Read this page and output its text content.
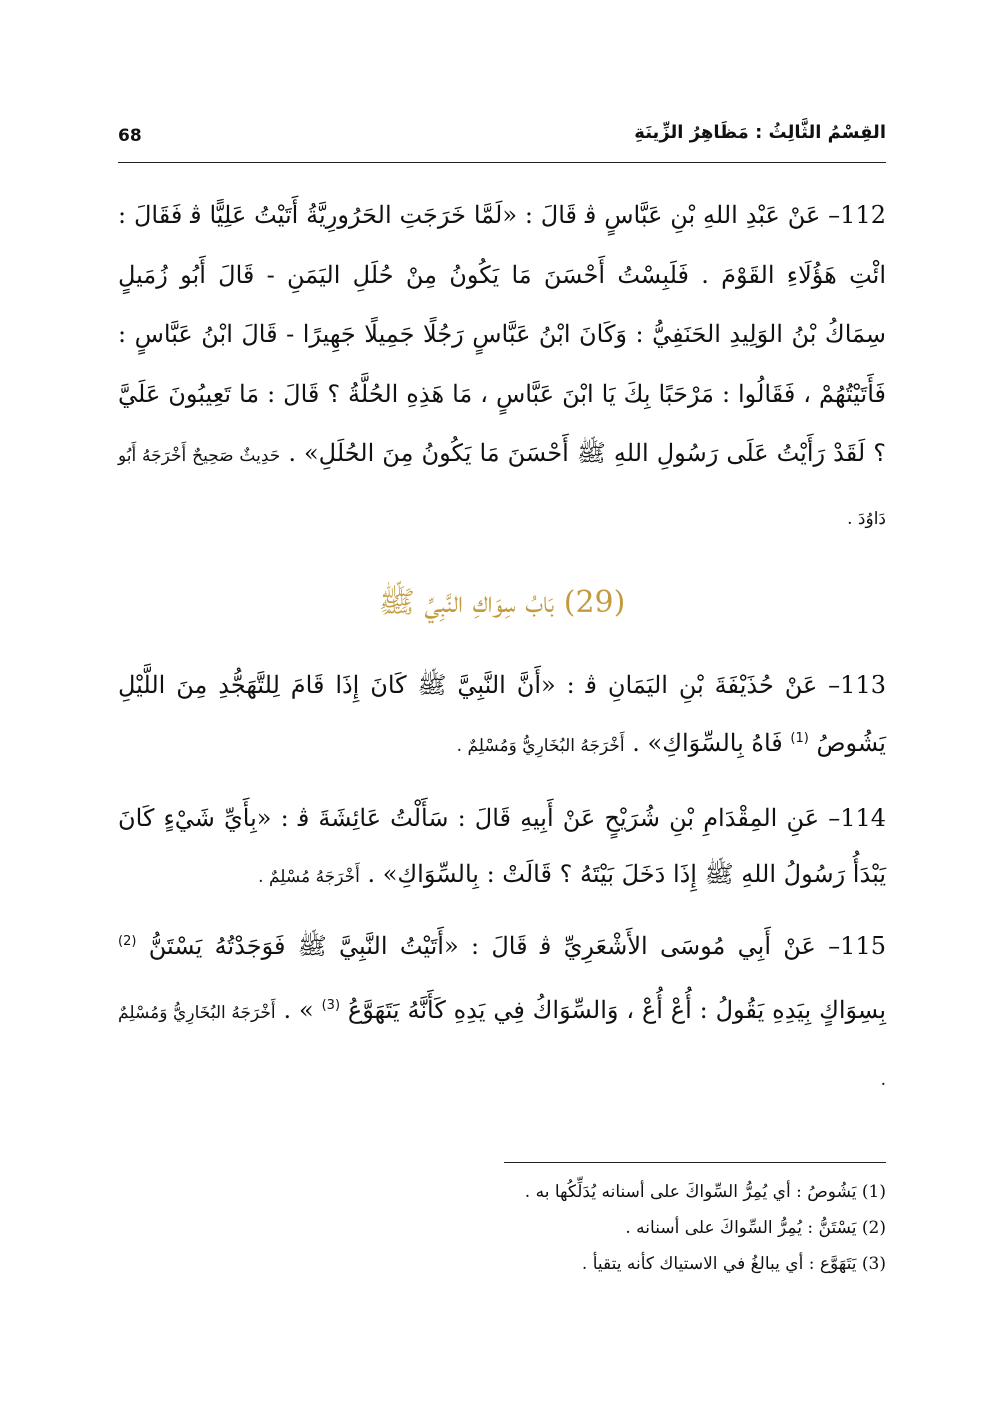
68	القِسْمُ الثَّالِثُ : مَظَاهِرُ الزِّينَةِ
112– عَنْ عَبْدِ اللهِ بْنِ عَبَّاسٍ ﭬ قَالَ : «لَمَّا خَرَجَتِ الحَرُورِيَّةُ أَتَيْتُ عَلِيًّا ﭬ فَقَالَ : ائْتِ هَؤُلَاءِ القَوْمَ . فَلَبِسْتُ أَحْسَنَ مَا يَكُونُ مِنْ حُلَلِ اليَمَنِ - قَالَ أَبُو زُمَيلٍ سِمَاكُ بْنُ الوَلِيدِ الحَنَفِيُّ : وَكَانَ ابْنُ عَبَّاسٍ رَجُلًا جَمِيلًا جَهِيرًا - قَالَ ابْنُ عَبَّاسٍ : فَأَتَيْتُهُمْ ، فَقَالُوا : مَرْحَبًا بِكَ يَا ابْنَ عَبَّاسٍ ، مَا هَذِهِ الحُلَّةُ ؟ قَالَ : مَا تَعِيبُونَ عَلَيَّ ؟ لَقَدْ رَأَيْتُ عَلَى رَسُولِ اللهِ ﷺ أَحْسَنَ مَا يَكُونُ مِنَ الحُلَلِ» . حَدِيثٌ صَحِيحٌ أَخْرَجَهُ أَبُو دَاوُدَ .
(29) بَابُ سِوَاكِ النَّبِيِّ ﷺ
113– عَنْ حُذَيْفَةَ بْنِ اليَمَانِ ﭬ : «أَنَّ النَّبِيَّ ﷺ كَانَ إِذَا قَامَ لِلتَّهَجُّدِ مِنَ اللَّيْلِ يَشُوصُ $^{(1)}$ فَاهُ بِالسِّوَاكِ» . أَخْرَجَهُ البُخَارِيُّ وَمُسْلِمٌ .
114– عَنِ المِقْدَامِ بْنِ شُرَيْحٍ عَنْ أَبِيهِ قَالَ : سَأَلْتُ عَائِشَةَ ﭬ : «بِأَيِّ شَيْءٍ كَانَ يَبْدَأُ رَسُولُ اللهِ ﷺ إِذَا دَخَلَ بَيْتَهُ ؟ قَالَتْ : بِالسِّوَاكِ» . أَخْرَجَهُ مُسْلِمٌ .
115– عَنْ أَبِي مُوسَى الأَشْعَرِيِّ ﭬ قَالَ : «أَتَيْتُ النَّبِيَّ ﷺ فَوَجَدْتُهُ يَسْتَنُّ $^{(2)}$ بِسِوَاكٍ بِيَدِهِ يَقُولُ : أُعْ أُعْ ، وَالسِّوَاكُ فِي يَدِهِ كَأَنَّهُ يَتَهَوَّعُ $^{(3)}$ » . أَخْرَجَهُ البُخَارِيُّ وَمُسْلِمٌ .
(1) يَشُوصُ : أي يُمِرُّ السِّواكَ على أسنانه يُدَلِّكُها به .
(2) يَسْتَنُّ : يُمِرُّ السِّواكَ على أسنانه .
(3) يَتَهَوَّع : أي يبالغُ في الاستياك كأنه يتقيأ .
